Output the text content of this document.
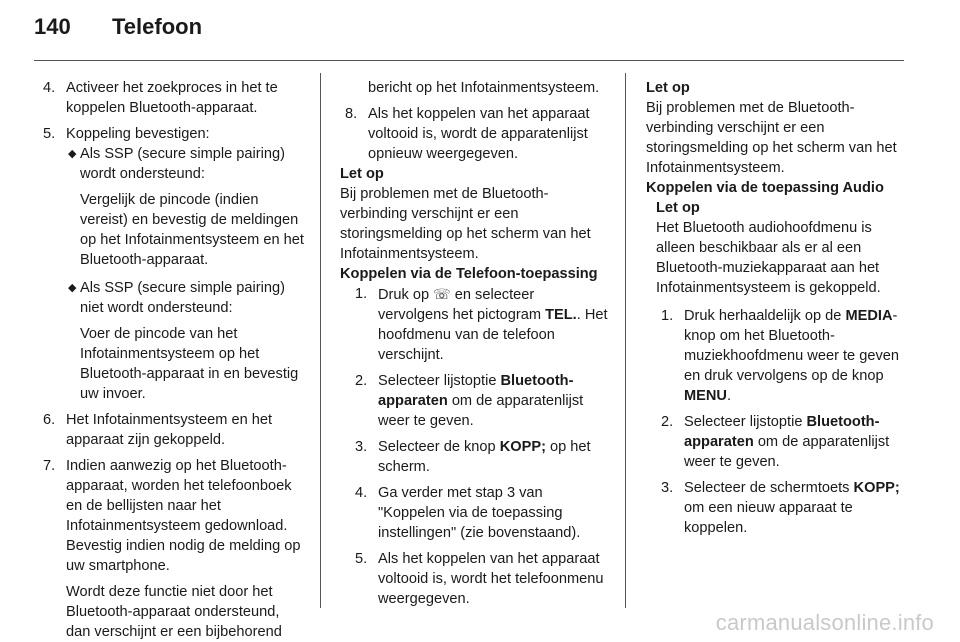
140 Telefoon

4. Activeer het zoekproces in het te koppelen Bluetooth-apparaat.

5. Koppeling bevestigen:

◆ Als SSP (secure simple pairing) wordt ondersteund:

Vergelijk de pincode (indien vereist) en bevestig de meldingen op het Infotainmentsysteem en het Bluetooth-apparaat.

◆ Als SSP (secure simple pairing) niet wordt ondersteund:

Voer de pincode van het Infotainmentsysteem op het Bluetooth-apparaat in en bevestig uw invoer.

6. Het Infotainmentsysteem en het apparaat zijn gekoppeld.

7. Indien aanwezig op het Bluetooth-apparaat, worden het telefoonboek en de bellijsten naar het Infotainmentsysteem gedownload. Bevestig indien nodig de melding op uw smartphone.

Wordt deze functie niet door het Bluetooth-apparaat ondersteund, dan verschijnt er een bijbehorend

bericht op het Infotainmentsysteem.

8. Als het koppelen van het apparaat voltooid is, wordt de apparatenlijst opnieuw weergegeven.

Let op

Bij problemen met de Bluetooth-verbinding verschijnt er een storingsmelding op het scherm van het Infotainmentsysteem.

Koppelen via de Telefoon-toepassing

1. Druk op ☏ en selecteer vervolgens het pictogram TEL.. Het hoofdmenu van de telefoon verschijnt.

2. Selecteer lijstoptie Bluetooth-apparaten om de apparatenlijst weer te geven.

3. Selecteer de knop KOPP; op het scherm.

4. Ga verder met stap 3 van "Koppelen via de toepassing instellingen" (zie bovenstaand).

5. Als het koppelen van het apparaat voltooid is, wordt het telefoonmenu weergegeven.

Let op

Bij problemen met de Bluetooth-verbinding verschijnt er een storingsmelding op het scherm van het Infotainmentsysteem.

Koppelen via de toepassing Audio

Let op

Het Bluetooth audiohoofdmenu is alleen beschikbaar als er al een Bluetooth-muziekapparaat aan het Infotainmentsysteem is gekoppeld.

1. Druk herhaaldelijk op de MEDIA-knop om het Bluetooth-muziekhoofdmenu weer te geven en druk vervolgens op de knop MENU.

2. Selecteer lijstoptie Bluetooth-apparaten om de apparatenlijst weer te geven.

3. Selecteer de schermtoets KOPP; om een nieuw apparaat te koppelen.

carmanualsonline.info
